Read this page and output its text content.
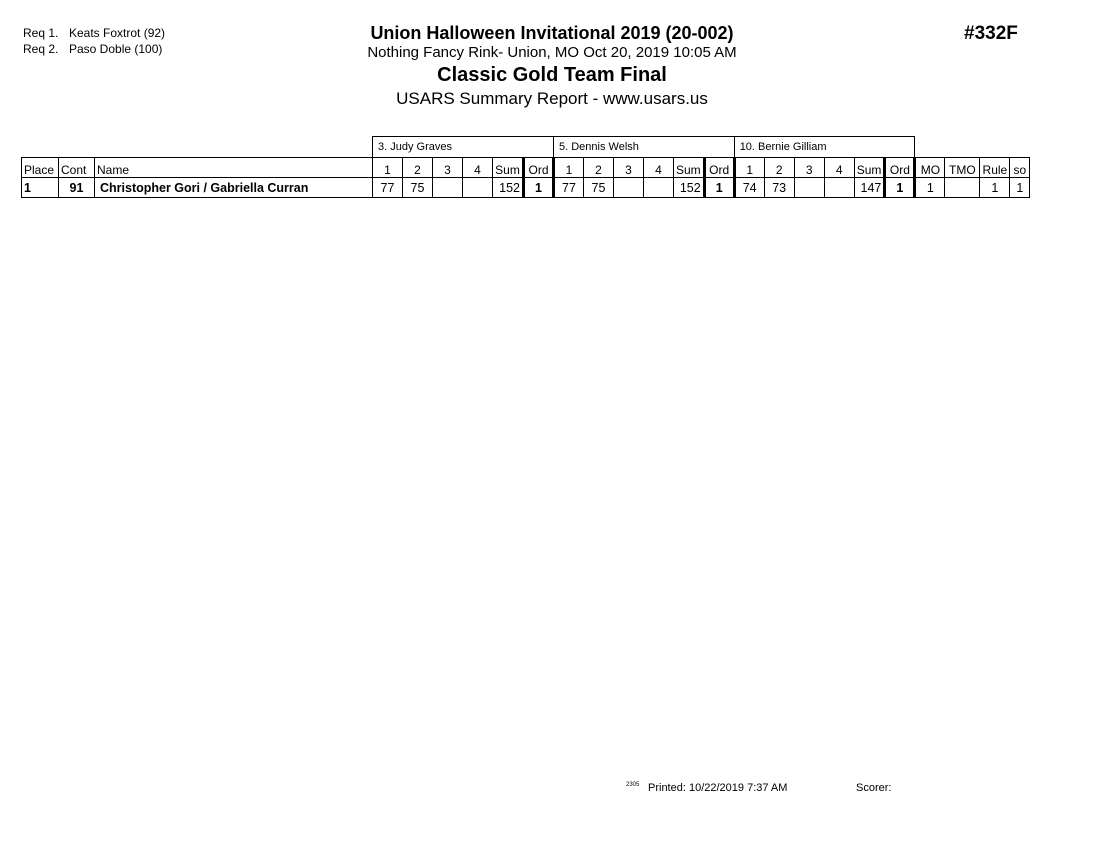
Req 1. Keats Foxtrot (92)
Req 2. Paso Doble (100)
Union Halloween Invitational 2019 (20-002)
Nothing Fancy Rink- Union, MO Oct 20, 2019 10:05 AM
Classic Gold Team Final
USARS Summary Report - www.usars.us
#332F
			3. Judy Graves						5. Dennis Welsh						10. Bernie Gilliam									
Place	Cont	Name	1	2	3	4	Sum	Ord	1	2	3	4	Sum	Ord	1	2	3	4	Sum	Ord	MO	TMO	Rule	so
1	91	Christopher Gori / Gabriella Curran	77	75			152	1	77	75			152	1	74	73			147	1	1		1	1
2305 Printed: 10/22/2019 7:37 AM	Scorer:
